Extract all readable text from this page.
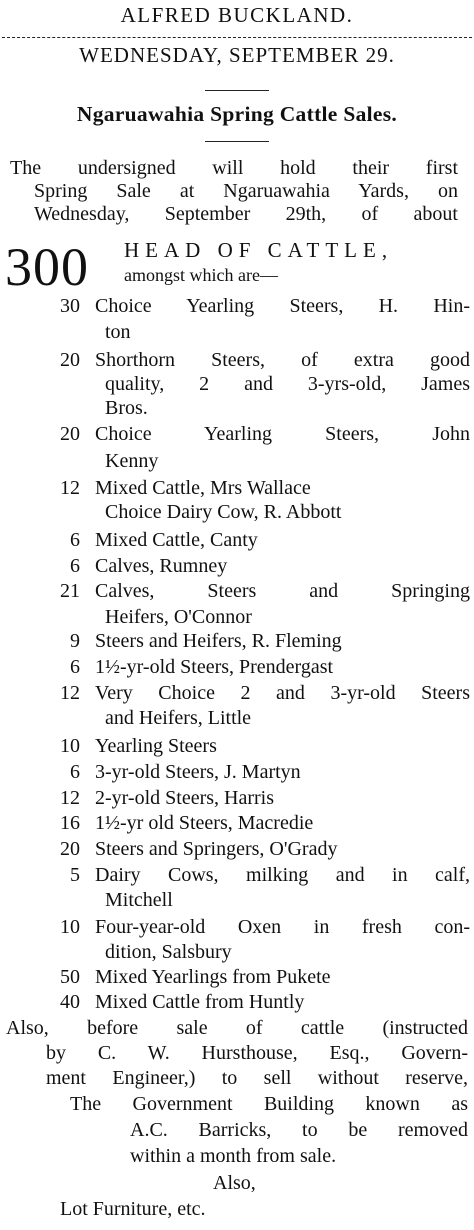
ALFRED BUCKLAND.
WEDNESDAY, SEPTEMBER 29.
Ngaruawahia Spring Cattle Sales.
The undersigned will hold their first
Spring Sale at Ngaruawahia Yards, on
Wednesday, September 29th, of about
300 HEAD OF CATTLE,
amongst which are—
30 Choice Yearling Steers, H. Hin-
ton
20 Shorthorn Steers, of extra good
quality, 2 and 3-yrs-old, James
Bros.
20 Choice Yearling Steers, John
Kenny
12 Mixed Cattle, Mrs Wallace
Choice Dairy Cow, R. Abbott
6 Mixed Cattle, Canty
6 Calves, Rumney
21 Calves, Steers and Springing
Heifers, O'Connor
9 Steers and Heifers, R. Fleming
6 1½-yr-old Steers, Prendergast
12 Very Choice 2 and 3-yr-old Steers
and Heifers, Little
10 Yearling Steers
6 3-yr-old Steers, J. Martyn
12 2-yr-old Steers, Harris
16 1½-yr old Steers, Macredie
20 Steers and Springers, O'Grady
5 Dairy Cows, milking and in calf,
Mitchell
10 Four-year-old Oxen in fresh con-
dition, Salsbury
50 Mixed Yearlings from Pukete
40 Mixed Cattle from Huntly
Also, before sale of cattle (instructed
by C. W. Hursthouse, Esq., Govern-
ment Engineer,) to sell without reserve,
The Government Building known as
A.C. Barricks, to be removed
within a month from sale.
Also,
Lot Furniture, etc.
